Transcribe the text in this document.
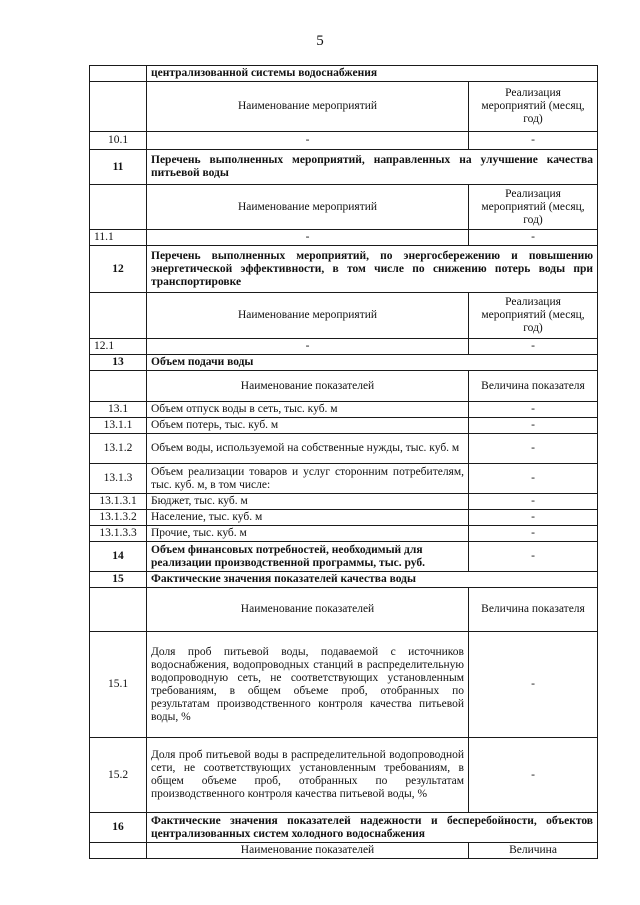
5
	централизованной системы водоснабжения	
	Наименование мероприятий	Реализация мероприятий (месяц, год)
10.1	-	-
11	Перечень выполненных мероприятий, направленных на улучшение качества питьевой воды	
	Наименование мероприятий	Реализация мероприятий (месяц, год)
11.1	-	-
12	Перечень выполненных мероприятий, по энергосбережению и повышению энергетической эффективности, в том числе по снижению потерь воды при транспортировке	
	Наименование мероприятий	Реализация мероприятий (месяц, год)
12.1	-	-
13	Объем подачи воды	
	Наименование показателей	Величина показателя
13.1	Объем отпуск воды в сеть, тыс. куб. м	-
13.1.1	Объем потерь, тыс. куб. м	-
13.1.2	Объем воды, используемой на собственные нужды, тыс. куб. м	-
13.1.3	Объем реализации товаров и услуг сторонним потребителям, тыс. куб. м, в том числе:	-
13.1.3.1	Бюджет, тыс. куб. м	-
13.1.3.2	Население, тыс. куб. м	-
13.1.3.3	Прочие, тыс. куб. м	-
14	Объем финансовых потребностей, необходимый для реализации производственной программы, тыс. руб.	-
15	Фактические значения показателей качества воды	
	Наименование показателей	Величина показателя
15.1	Доля проб питьевой воды, подаваемой с источников водоснабжения, водопроводных станций в распределительную водопроводную сеть, не соответствующих установленным требованиям, в общем объеме проб, отобранных по результатам производственного контроля качества питьевой воды, %	-
15.2	Доля проб питьевой воды в распределительной водопроводной сети, не соответствующих установленным требованиям, в общем объеме проб, отобранных по результатам производственного контроля качества питьевой воды, %	-
16	Фактические значения показателей надежности и бесперебойности, объектов централизованных систем холодного водоснабжения	
	Наименование показателей	Величина
